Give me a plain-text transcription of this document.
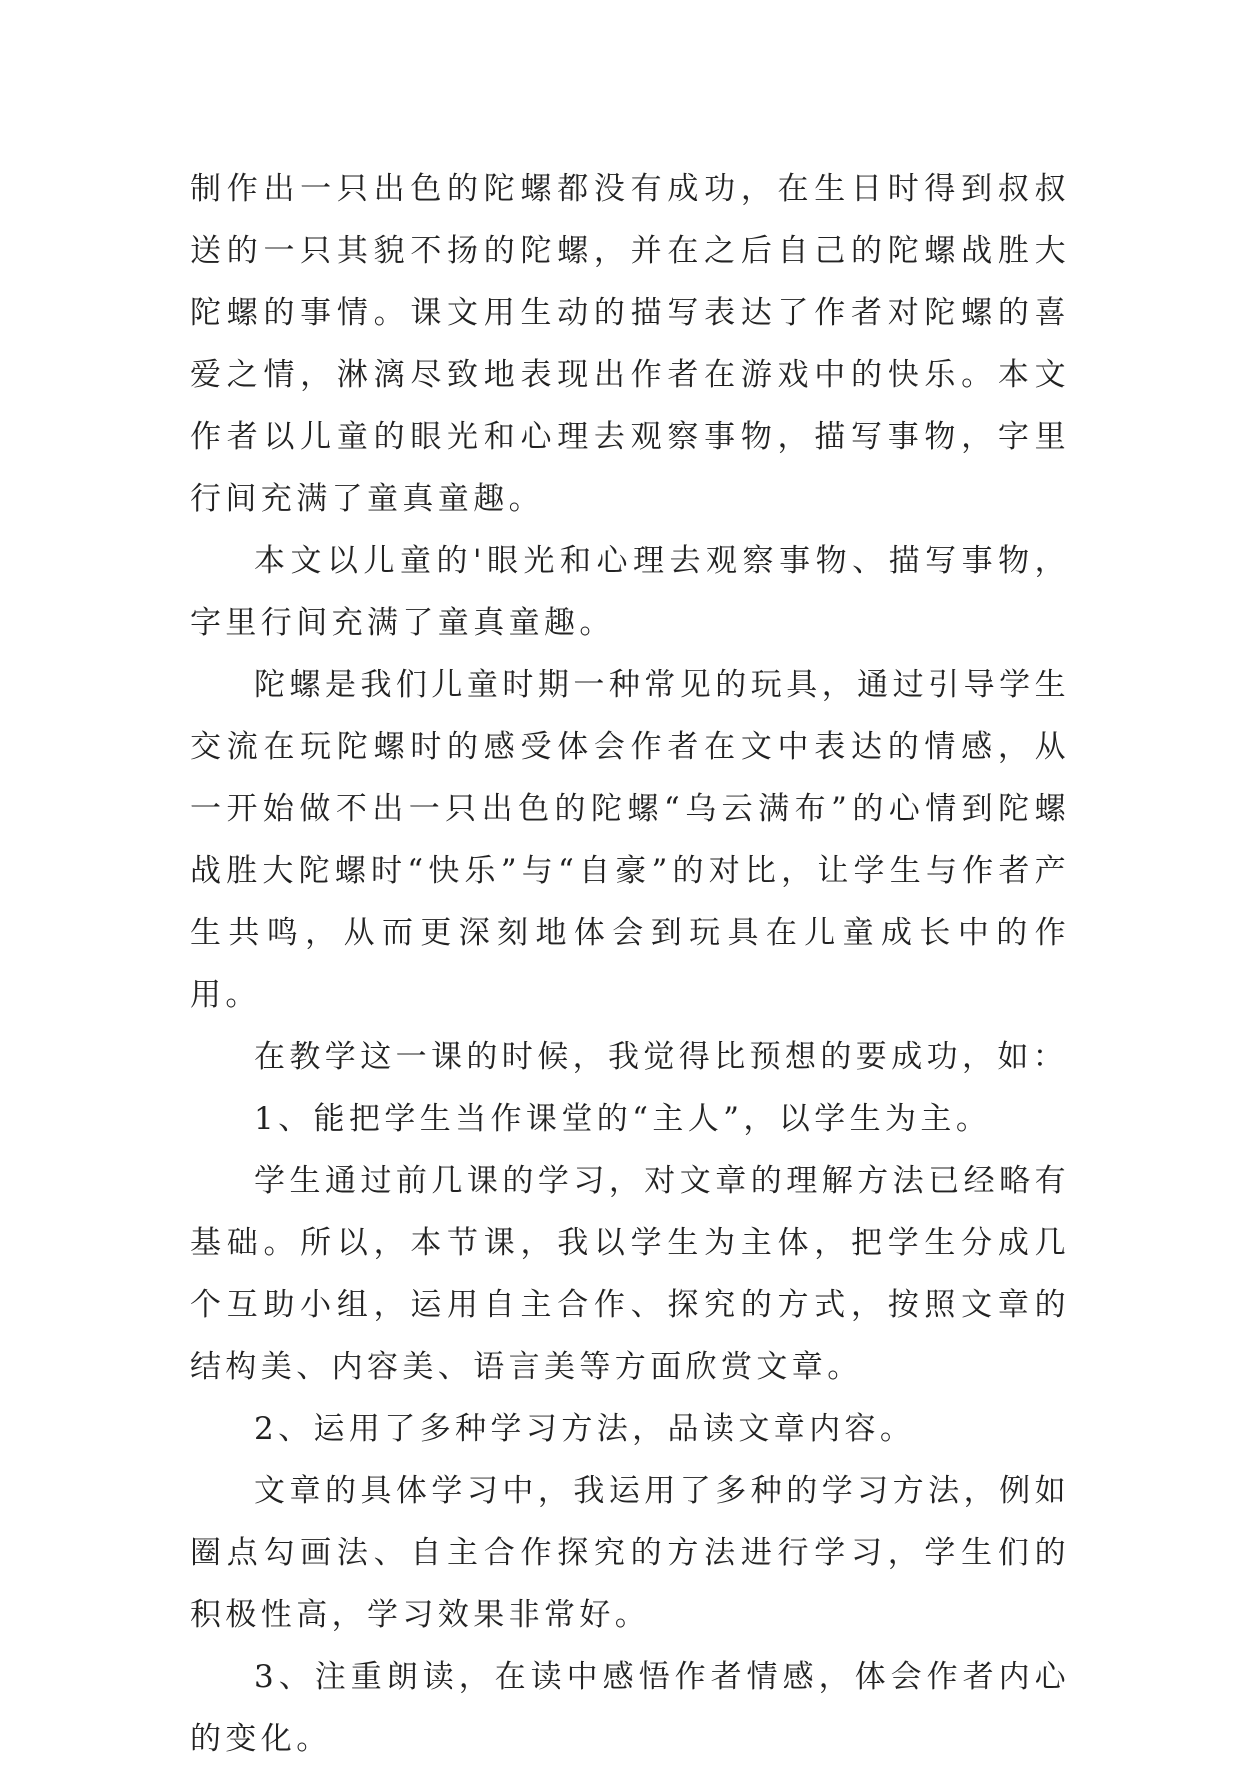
制作出一只出色的陀螺都没有成功，在生日时得到叔叔送的一只其貌不扬的陀螺，并在之后自己的陀螺战胜大陀螺的事情。课文用生动的描写表达了作者对陀螺的喜爱之情，淋漓尽致地表现出作者在游戏中的快乐。本文作者以儿童的眼光和心理去观察事物，描写事物，字里行间充满了童真童趣。

本文以儿童的'眼光和心理去观察事物、描写事物，字里行间充满了童真童趣。

陀螺是我们儿童时期一种常见的玩具，通过引导学生交流在玩陀螺时的感受体会作者在文中表达的情感，从一开始做不出一只出色的陀螺“乌云满布”的心情到陀螺战胜大陀螺时“快乐”与“自豪”的对比，让学生与作者产生共鸣，从而更深刻地体会到玩具在儿童成长中的作用。

在教学这一课的时候，我觉得比预想的要成功，如：

1、能把学生当作课堂的“主人”，以学生为主。

学生通过前几课的学习，对文章的理解方法已经略有基础。所以，本节课，我以学生为主体，把学生分成几个互助小组，运用自主合作、探究的方式，按照文章的结构美、内容美、语言美等方面欣赏文章。

2、运用了多种学习方法，品读文章内容。

文章的具体学习中，我运用了多种的学习方法，例如圈点勾画法、自主合作探究的方法进行学习，学生们的积极性高，学习效果非常好。

3、注重朗读，在读中感悟作者情感，体会作者内心的变化。
